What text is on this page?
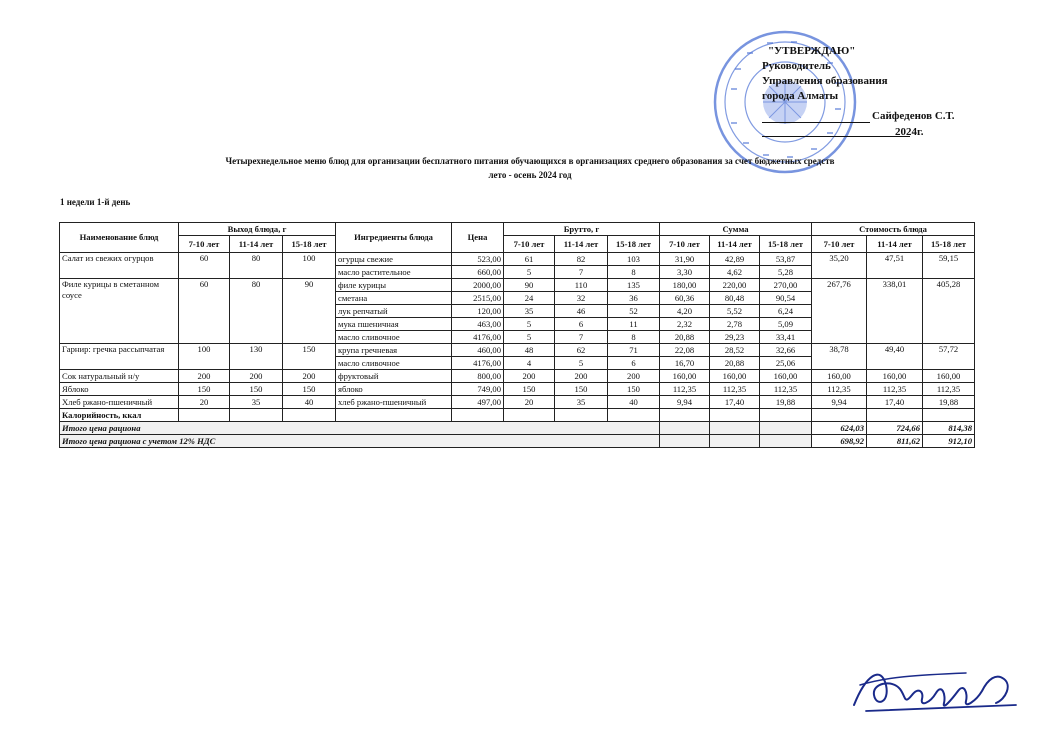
"УТВЕРЖДАЮ"
Руководитель
Управления образования
города Алматы
Сайфеденов С.Т.
2024г.
Четырехнедельное меню блюд для организации бесплатного питания обучающихся в организациях среднего образования за счет бюджетных средств
лето - осень 2024 год
1 недели 1-й день
Наименование блюд	Выход блюда, г			Ингредиенты блюда	Цена	Брутто, г			Сумма			Стоимость блюда		
	7-10 лет	11-14 лет	15-18 лет			7-10 лет	11-14 лет	15-18 лет	7-10 лет	11-14 лет	15-18 лет	7-10 лет	11-14 лет	15-18 лет
Салат из свежих огурцов	60	80	100	огурцы свежие	523,00	61	82	103	31,90	42,89	53,87	35,20	47,51	59,15
				масло растительное	660,00	5	7	8	3,30	4,62	5,28			
Филе курицы в сметанном соусе	60	80	90	филе курицы	2000,00	90	110	135	180,00	220,00	270,00	267,76	338,01	405,28
				сметана	2515,00	24	32	36	60,36	80,48	90,54			
				лук репчатый	120,00	35	46	52	4,20	5,52	6,24			
				мука пшеничная	463,00	5	6	11	2,32	2,78	5,09			
				масло сливочное	4176,00	5	7	8	20,88	29,23	33,41			
Гарнир: гречка рассыпчатая	100	130	150	крупа гречневая	460,00	48	62	71	22,08	28,52	32,66	38,78	49,40	57,72
				масло сливочное	4176,00	4	5	6	16,70	20,88	25,06			
Сок натуральный н/у	200	200	200	фруктовый	800,00	200	200	200	160,00	160,00	160,00	160,00	160,00	160,00
Яблоко	150	150	150	яблоко	749,00	150	150	150	112,35	112,35	112,35	112,35	112,35	112,35
Хлеб ржано-пшеничный	20	35	40	хлеб ржано-пшеничный	497,00	20	35	40	9,94	17,40	19,88	9,94	17,40	19,88
Калорийность, ккал														
Итого цена рациона												624,03	724,66	814,38
Итого цена рациона с учетом 12% НДС												698,92	811,62	912,10
